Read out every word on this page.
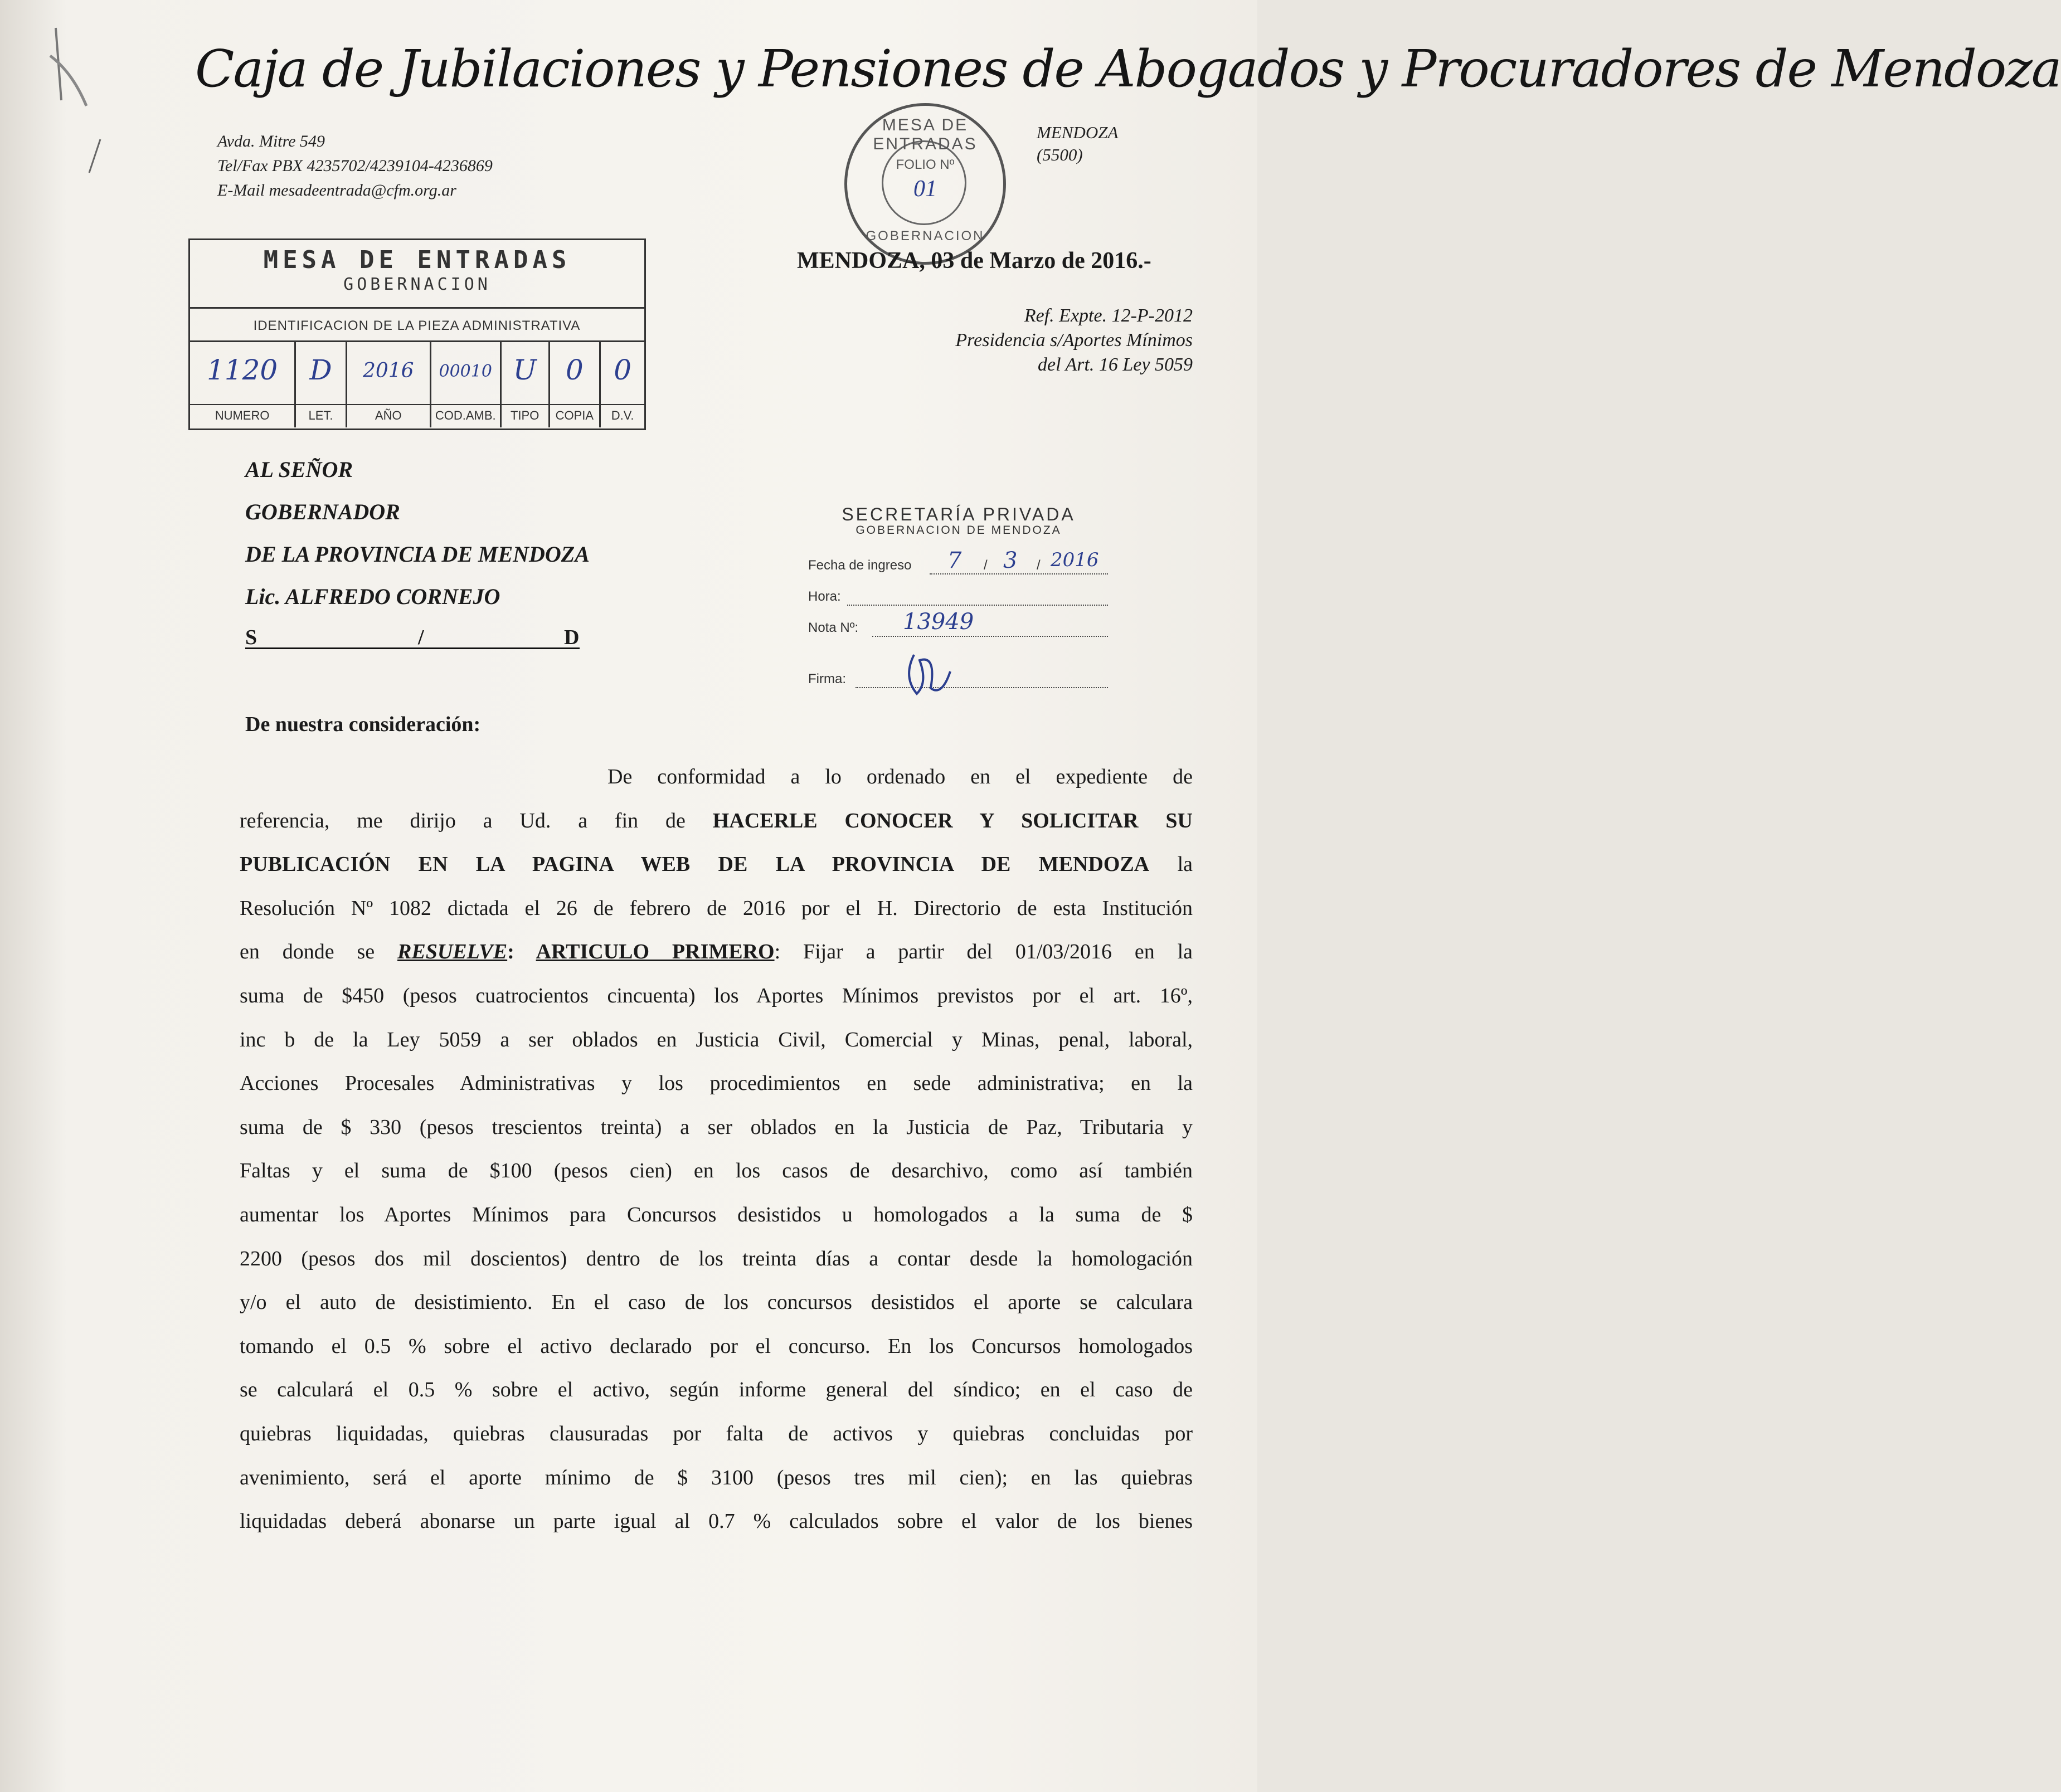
Caja de Jubilaciones y Pensiones de Abogados y Procuradores de Mendoza
Avda. Mitre 549
Tel/Fax PBX 4235702/4239104-4236869
E-Mail mesadeentrada@cfm.org.ar
MENDOZA
(5500)
MESA DE ENTRADAS
FOLIO Nº
01
GOBERNACION
MENDOZA, 03 de Marzo de 2016.-
Ref. Expte. 12-P-2012
Presidencia s/Aportes Mínimos
del Art. 16 Ley 5059
MESA DE ENTRADAS
GOBERNACION
IDENTIFICACION DE LA PIEZA ADMINISTRATIVA
1120
NUMERO
D
LET.
2016
AÑO
00010
COD.AMB.
U
TIPO
0
COPIA
0
D.V.
AL SEÑOR
GOBERNADOR
DE LA PROVINCIA DE MENDOZA
Lic. ALFREDO CORNEJO
S	/	D
SECRETARÍA PRIVADA
GOBERNACION DE MENDOZA
Fecha de ingreso 7 / 3 / 2016
Hora:
Nota Nº: 13949
Firma:
De nuestra consideración:
De conformidad a lo ordenado en el expediente de
referencia, me dirijo a Ud. a fin de HACERLE CONOCER Y SOLICITAR SU
PUBLICACIÓN EN LA PAGINA WEB DE LA PROVINCIA DE MENDOZA la
Resolución Nº 1082 dictada el 26 de febrero de 2016 por el H. Directorio de esta Institución
en donde se RESUELVE: ARTICULO PRIMERO: Fijar a partir del 01/03/2016 en la
suma de $450 (pesos cuatrocientos cincuenta) los Aportes Mínimos previstos por el art. 16º,
inc b de la Ley 5059 a ser oblados en Justicia Civil, Comercial y Minas, penal, laboral,
Acciones Procesales Administrativas y los procedimientos en sede administrativa; en la
suma de $ 330 (pesos trescientos treinta) a ser oblados en la Justicia de Paz, Tributaria y
Faltas y el suma de $100 (pesos cien) en los casos de desarchivo, como así también
aumentar los Aportes Mínimos para Concursos desistidos u homologados a la suma de $
2200 (pesos dos mil doscientos) dentro de los treinta días a contar desde la homologación
y/o el auto de desistimiento. En el caso de los concursos desistidos el aporte se calculara
tomando el 0.5 % sobre el activo declarado por el concurso. En los Concursos homologados
se calculará el 0.5 % sobre el activo, según informe general del síndico; en el caso de
quiebras liquidadas, quiebras clausuradas por falta de activos y quiebras concluidas por
avenimiento, será el aporte mínimo de $ 3100 (pesos tres mil cien); en las quiebras
liquidadas deberá abonarse un parte igual al 0.7 % calculados sobre el valor de los bienes
